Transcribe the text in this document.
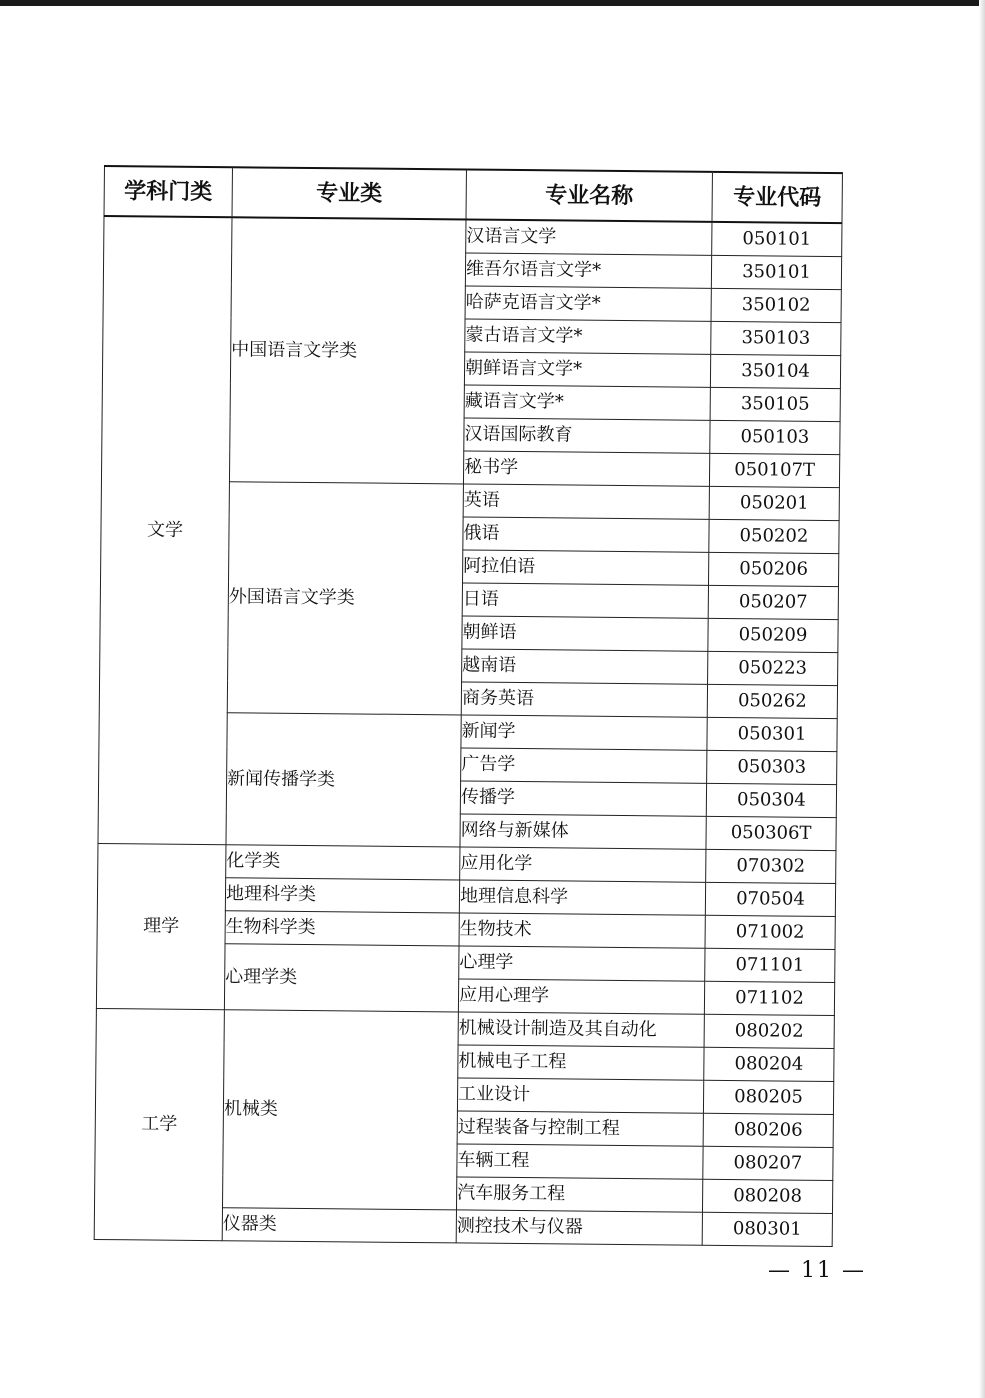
学科门类	专业类	专业名称	专业代码
文学	中国语言文学类	汉语言文学	050101
		维吾尔语言文学*	350101
		哈萨克语言文学*	350102
		蒙古语言文学*	350103
		朝鲜语言文学*	350104
		藏语言文学*	350105
		汉语国际教育	050103
		秘书学	050107T
	外国语言文学类	英语	050201
		俄语	050202
		阿拉伯语	050206
		日语	050207
		朝鲜语	050209
		越南语	050223
		商务英语	050262
	新闻传播学类	新闻学	050301
		广告学	050303
		传播学	050304
		网络与新媒体	050306T
理学	化学类	应用化学	070302
	地理科学类	地理信息科学	070504
	生物科学类	生物技术	071002
	心理学类	心理学	071101
		应用心理学	071102
工学	机械类	机械设计制造及其自动化	080202
		机械电子工程	080204
		工业设计	080205
		过程装备与控制工程	080206
		车辆工程	080207
		汽车服务工程	080208
	仪器类	测控技术与仪器	080301
— 11 —
